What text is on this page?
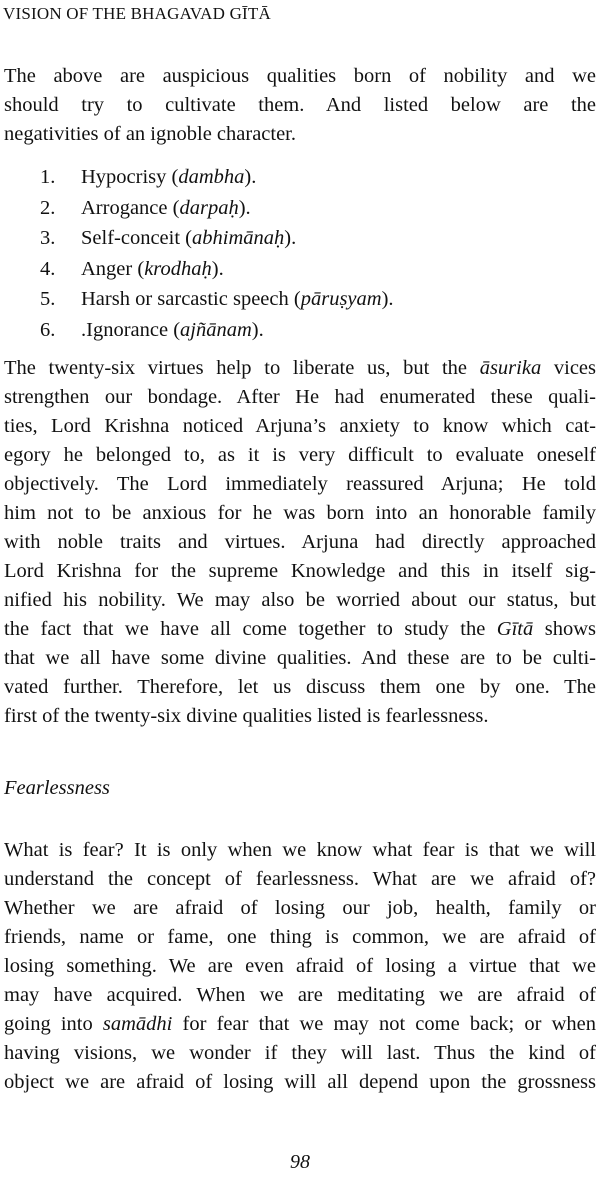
VISION OF THE BHAGAVAD GĪTĀ

The above are auspicious qualities born of nobility and we
should try to cultivate them. And listed below are the
negativities of an ignoble character.

1.	Hypocrisy ( dambha ).
2.	Arrogance ( darpaḥ ).
3.	Self-conceit ( abhimānaḥ ).
4.	Anger ( krodhaḥ ).
5.	Harsh or sarcastic speech ( pāruṣyam ).
6.	.Ignorance ( ajñānam ).

The twenty-six virtues help to liberate us, but the āsurika vices
strengthen our bondage. After He had enumerated these quali-
ties, Lord Krishna noticed Arjuna’s anxiety to know which cat-
egory he belonged to, as it is very difficult to evaluate oneself
objectively. The Lord immediately reassured Arjuna; He told
him not to be anxious for he was born into an honorable family
with noble traits and virtues. Arjuna had directly approached
Lord Krishna for the supreme Knowledge and this in itself sig-
nified his nobility. We may also be worried about our status, but
the fact that we have all come together to study the Gītā shows
that we all have some divine qualities. And these are to be culti-
vated further. Therefore, let us discuss them one by one. The
first of the twenty-six divine qualities listed is fearlessness.

Fearlessness

What is fear? It is only when we know what fear is that we will
understand the concept of fearlessness. What are we afraid of?
Whether we are afraid of losing our job, health, family or
friends, name or fame, one thing is common, we are afraid of
losing something. We are even afraid of losing a virtue that we
may have acquired. When we are meditating we are afraid of
going into samādhi for fear that we may not come back; or when
having visions, we wonder if they will last. Thus the kind of
object we are afraid of losing will all depend upon the grossness

98
